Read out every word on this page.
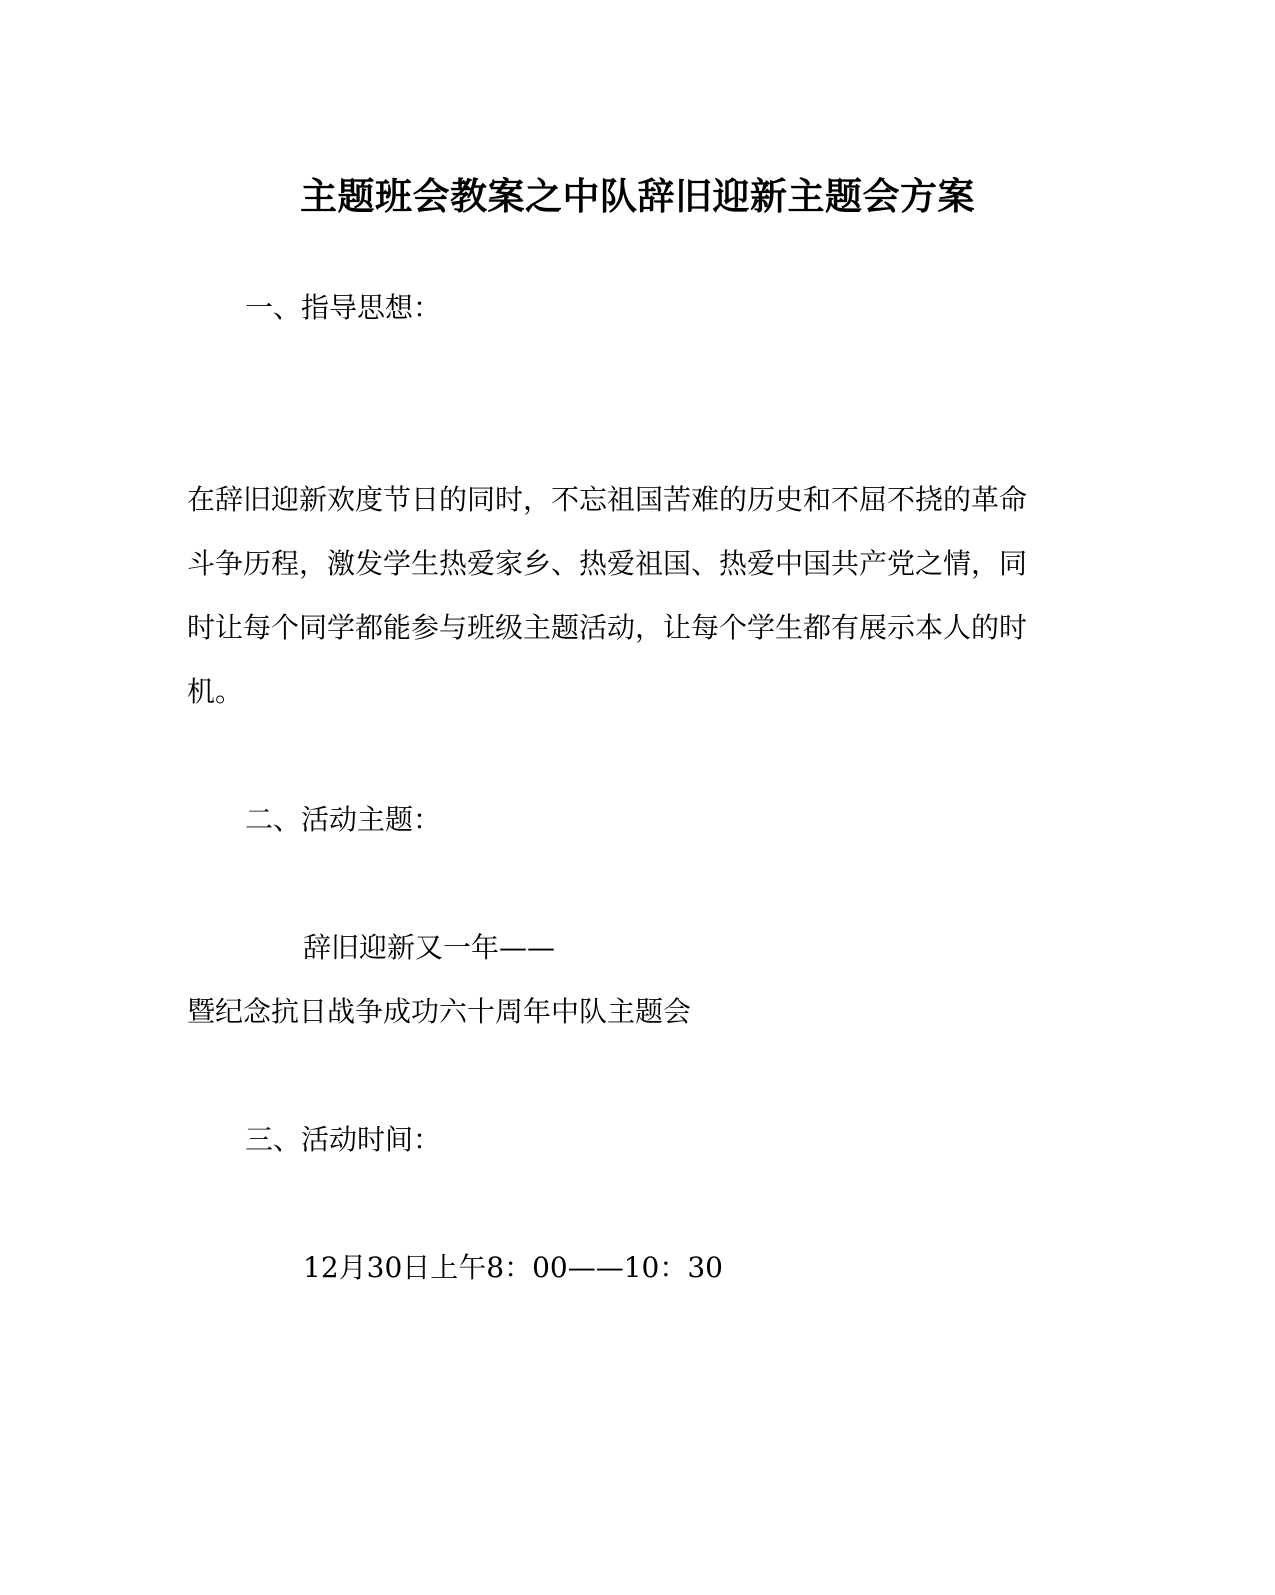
主题班会教案之中队辞旧迎新主题会方案
一、指导思想：
在辞旧迎新欢度节日的同时，不忘祖国苦难的历史和不屈不挠的革命
斗争历程，激发学生热爱家乡、热爱祖国、热爱中国共产党之情，同
时让每个同学都能参与班级主题活动，让每个学生都有展示本人的时
机。
二、活动主题：
辞旧迎新又一年——
暨纪念抗日战争成功六十周年中队主题会
三、活动时间：
12月30日上午8：00——10：30
